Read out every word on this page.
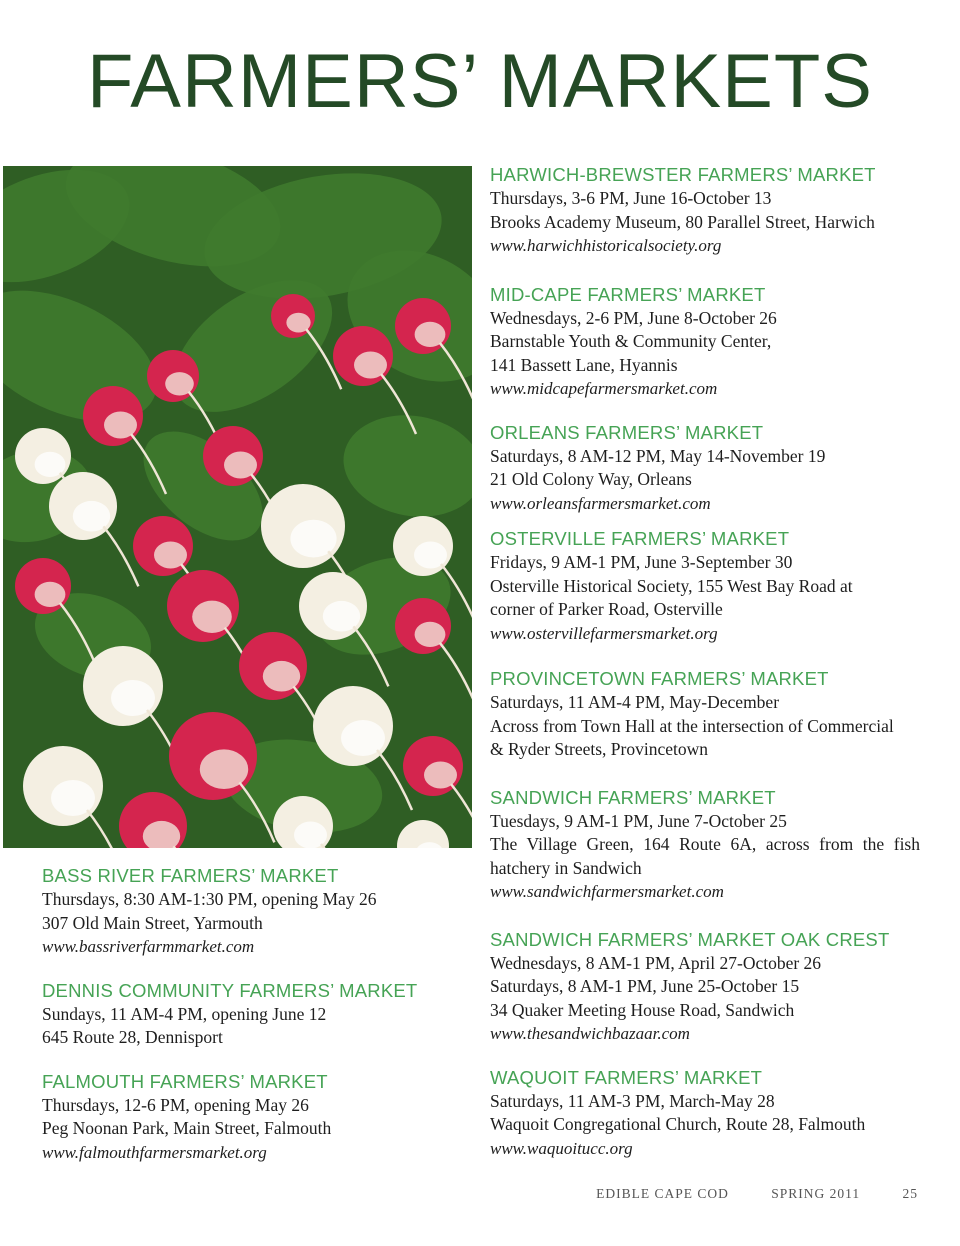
FARMERS’ MARKETS
BASS RIVER FARMERS’ MARKET
Thursdays, 8:30 AM-1:30 PM, opening May 26
307 Old Main Street, Yarmouth
www.bassriverfarmmarket.com
DENNIS COMMUNITY FARMERS’ MARKET
Sundays, 11 AM-4 PM, opening June 12
645 Route 28, Dennisport
FALMOUTH FARMERS’ MARKET
Thursdays, 12-6 PM, opening May 26
Peg Noonan Park, Main Street, Falmouth
www.falmouthfarmersmarket.org
HARWICH-BREWSTER FARMERS’ MARKET
Thursdays, 3-6 PM, June 16-October 13
Brooks Academy Museum, 80 Parallel Street, Harwich
www.harwichhistoricalsociety.org
MID-CAPE FARMERS’ MARKET
Wednesdays, 2-6 PM, June 8-October 26
Barnstable Youth & Community Center,
141 Bassett Lane, Hyannis
www.midcapefarmersmarket.com
ORLEANS FARMERS’ MARKET
Saturdays, 8 AM-12 PM, May 14-November 19
21 Old Colony Way, Orleans
www.orleansfarmersmarket.com
OSTERVILLE FARMERS’ MARKET
Fridays, 9 AM-1 PM, June 3-September 30
Osterville Historical Society, 155 West Bay Road at
corner of Parker Road, Osterville
www.ostervillefarmersmarket.org
PROVINCETOWN FARMERS’ MARKET
Saturdays, 11 AM-4 PM, May-December
Across from Town Hall at the intersection of Commercial
& Ryder Streets, Provincetown
SANDWICH FARMERS’ MARKET
Tuesdays, 9 AM-1 PM, June 7-October 25
The Village Green, 164 Route 6A, across from the fish
hatchery in Sandwich
www.sandwichfarmersmarket.com
SANDWICH FARMERS’ MARKET OAK CREST
Wednesdays, 8 AM-1 PM, April 27-October 26
Saturdays, 8 AM-1 PM, June 25-October 15
34 Quaker Meeting House Road, Sandwich
www.thesandwichbazaar.com
WAQUOIT FARMERS’ MARKET
Saturdays, 11 AM-3 PM, March-May 28
Waquoit Congregational Church, Route 28, Falmouth
www.waquoitucc.org
EDIBLE CAPE COD	SPRING 2011	25
